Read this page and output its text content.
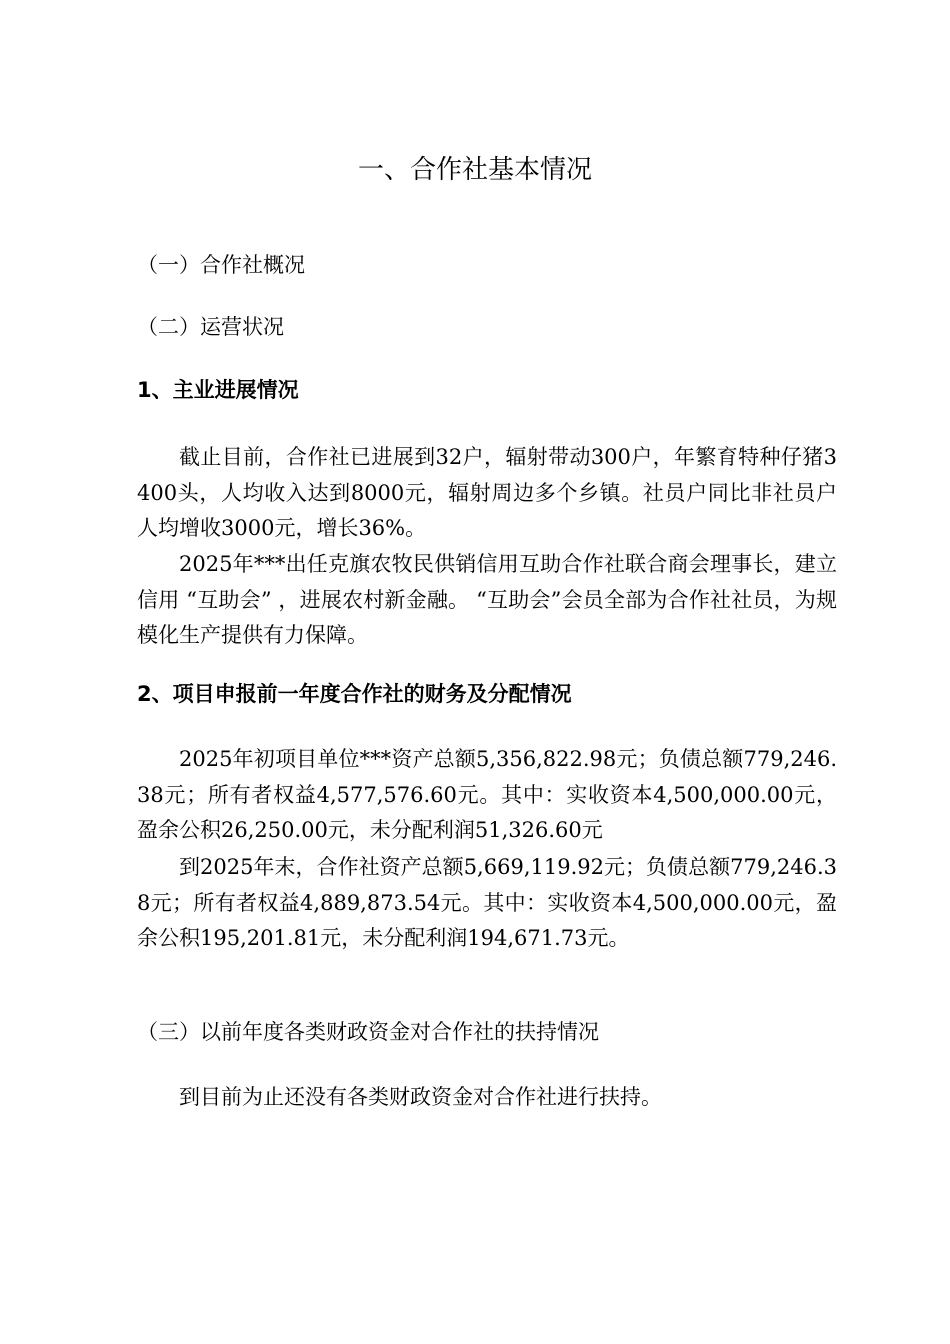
一、合作社基本情况
（一）合作社概况
（二）运营状况
1、主业进展情况

截止目前，合作社已进展到32户，辐射带动300户，年繁育特种仔猪3400头，人均收入达到8000元，辐射周边多个乡镇。社员户同比非社员户人均增收3000元，增长36%。

2025年***出任克旗农牧民供销信用互助合作社联合商会理事长，建立信用 “互助会” ，进展农村新金融。 “互助会”会员全部为合作社社员，为规模化生产提供有力保障。

2、项目申报前一年度合作社的财务及分配情况

2025年初项目单位***资产总额5,356,822.98元；负债总额779,246.38元；所有者权益4,577,576.60元。其中：实收资本4,500,000.00元，盈余公积26,250.00元，未分配利润51,326.60元

到2025年末，合作社资产总额5,669,119.92元；负债总额779,246.38元；所有者权益4,889,873.54元。其中：实收资本4,500,000.00元，盈余公积195,201.81元，未分配利润194,671.73元。

（三）以前年度各类财政资金对合作社的扶持情况

到目前为止还没有各类财政资金对合作社进行扶持。
